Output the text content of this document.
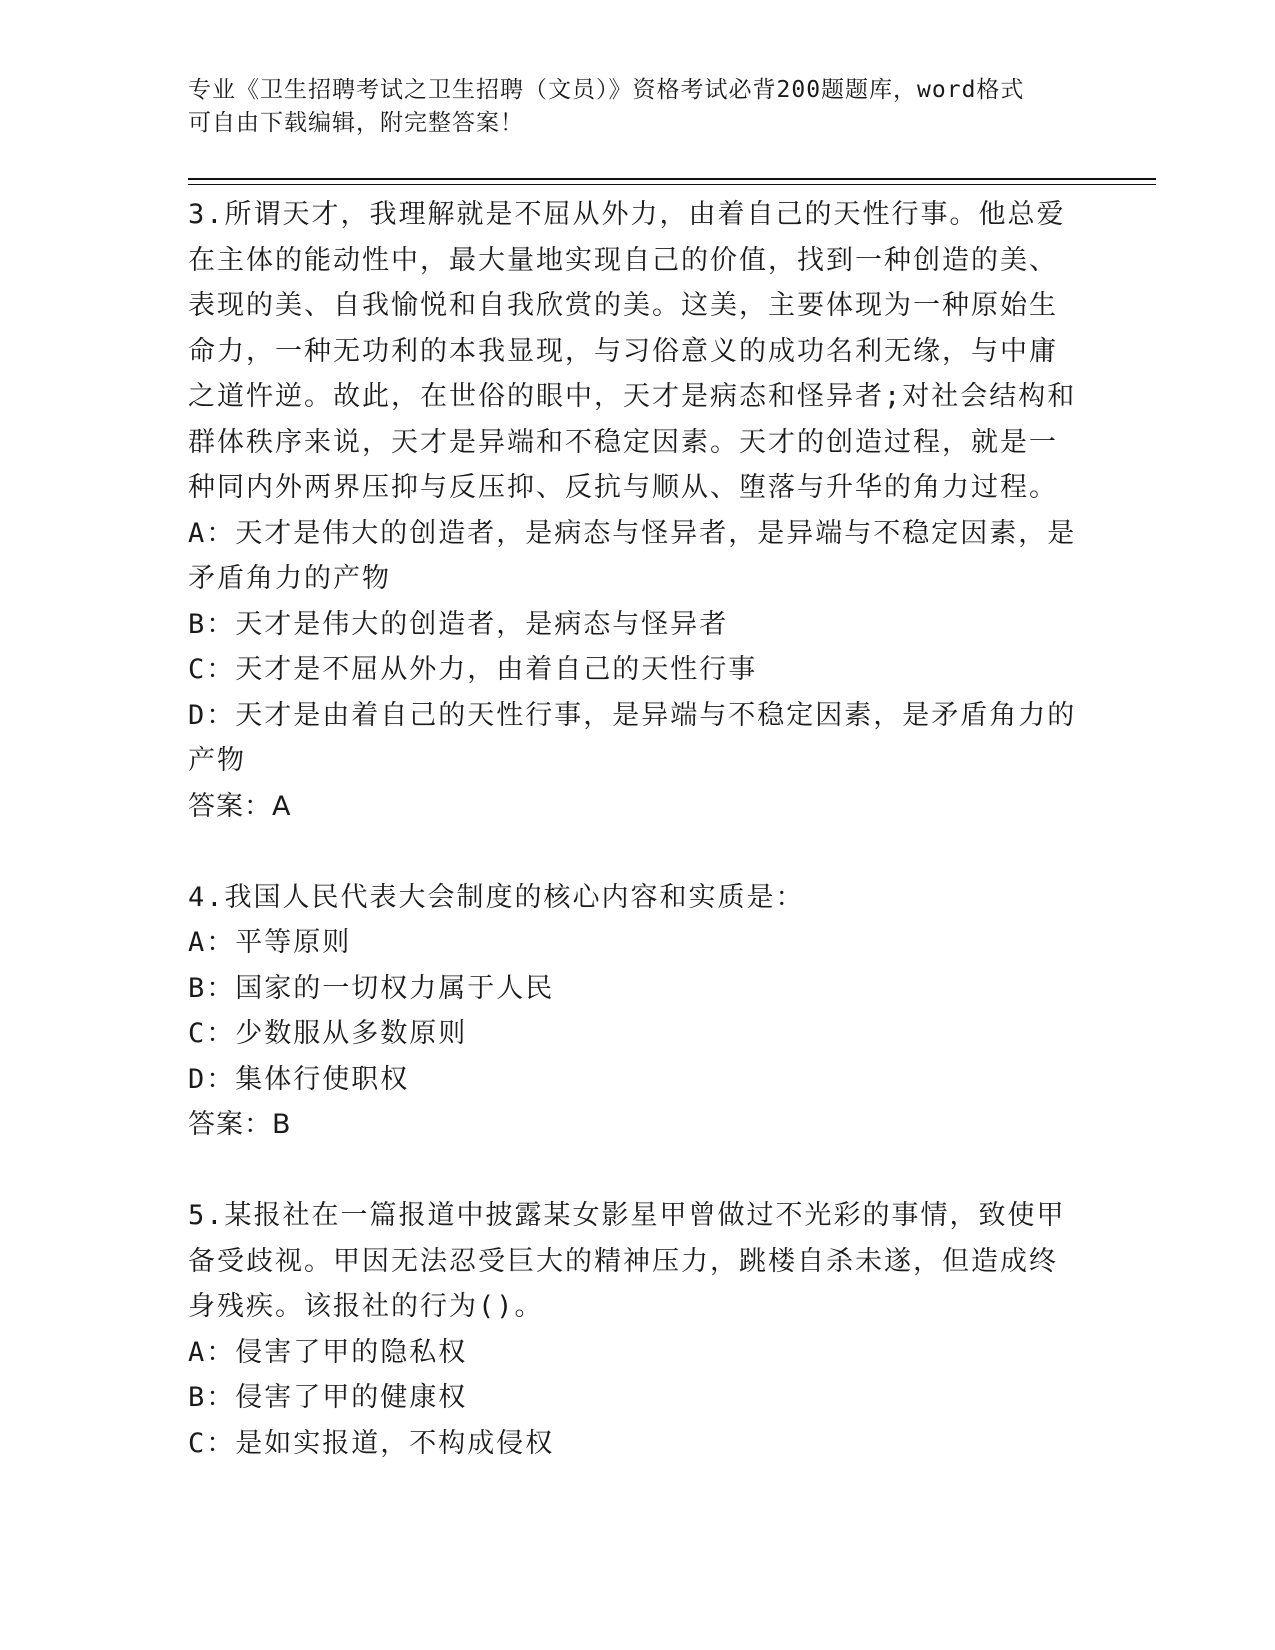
专业《卫生招聘考试之卫生招聘（文员）》资格考试必背200题题库，word格式
可自由下载编辑，附完整答案！
3.所谓天才，我理解就是不屈从外力，由着自己的天性行事。他总爱
在主体的能动性中，最大量地实现自己的价值，找到一种创造的美、
表现的美、自我愉悦和自我欣赏的美。这美，主要体现为一种原始生
命力，一种无功利的本我显现，与习俗意义的成功名利无缘，与中庸
之道忤逆。故此，在世俗的眼中，天才是病态和怪异者;对社会结构和
群体秩序来说，天才是异端和不稳定因素。天才的创造过程，就是一
种同内外两界压抑与反压抑、反抗与顺从、堕落与升华的角力过程。
A：天才是伟大的创造者，是病态与怪异者，是异端与不稳定因素，是
矛盾角力的产物
B：天才是伟大的创造者，是病态与怪异者
C：天才是不屈从外力，由着自己的天性行事
D：天才是由着自己的天性行事，是异端与不稳定因素，是矛盾角力的
产物
答案：A
4.我国人民代表大会制度的核心内容和实质是：
A：平等原则
B：国家的一切权力属于人民
C：少数服从多数原则
D：集体行使职权
答案：B
5.某报社在一篇报道中披露某女影星甲曾做过不光彩的事情，致使甲
备受歧视。甲因无法忍受巨大的精神压力，跳楼自杀未遂，但造成终
身残疾。该报社的行为()。
A：侵害了甲的隐私权
B：侵害了甲的健康权
C：是如实报道，不构成侵权
